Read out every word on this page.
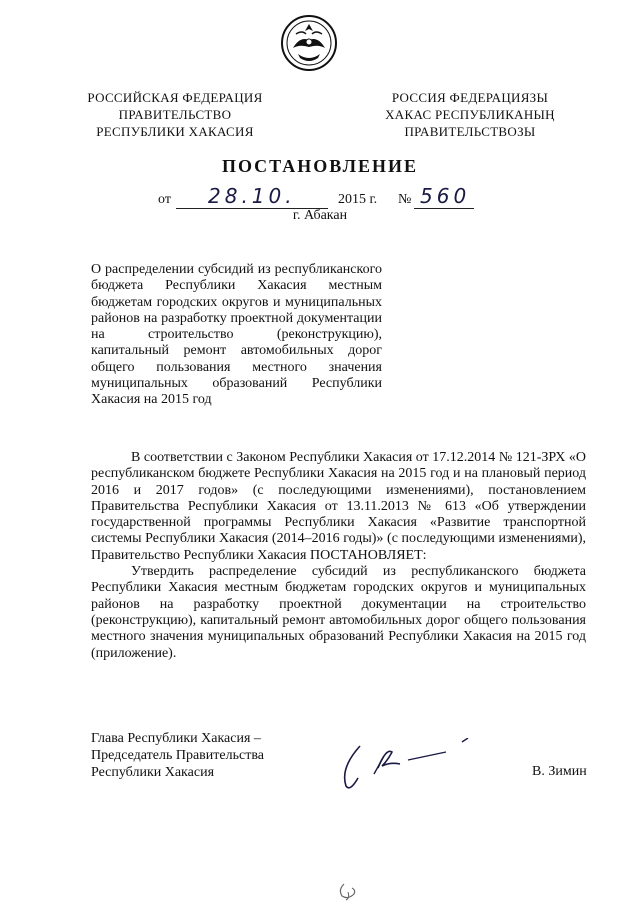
РОССИЙСКАЯ ФЕДЕРАЦИЯ
ПРАВИТЕЛЬСТВО
РЕСПУБЛИКИ ХАКАСИЯ
РОССИЯ ФЕДЕРАЦИЯЗЫ
ХАКАС РЕСПУБЛИКАНЫҢ
ПРАВИТЕЛЬСТВОЗЫ
ПОСТАНОВЛЕНИЕ
от 28.10.	2015 г. № 560
г. Абакан
О распределении субсидий из республиканского бюджета Республики Хакасия местным бюджетам городских округов и муниципальных районов на разработку проектной документации на строительство (реконструкцию), капитальный ремонт автомобильных дорог общего пользования местного значения муниципальных образований Республики Хакасия на 2015 год

В соответствии с Законом Республики Хакасия от 17.12.2014 № 121-ЗРХ «О республиканском бюджете Республики Хакасия на 2015 год и на плановый период 2016 и 2017 годов» (с последующими изменениями), постановлением Правительства Республики Хакасия от 13.11.2013 № 613 «Об утверждении государственной программы Республики Хакасия «Развитие транспортной системы Республики Хакасия (2014–2016 годы)» (с последующими изменениями), Правительство Республики Хакасия ПОСТАНОВЛЯЕТ:

Утвердить распределение субсидий из республиканского бюджета Республики Хакасия местным бюджетам городских округов и муниципальных районов на разработку проектной документации на строительство (реконструкцию), капитальный ремонт автомобильных дорог общего пользования местного значения муниципальных образований Республики Хакасия на 2015 год (приложение).

Глава Республики Хакасия –
Председатель Правительства
Республики Хакасия	В. Зимин
